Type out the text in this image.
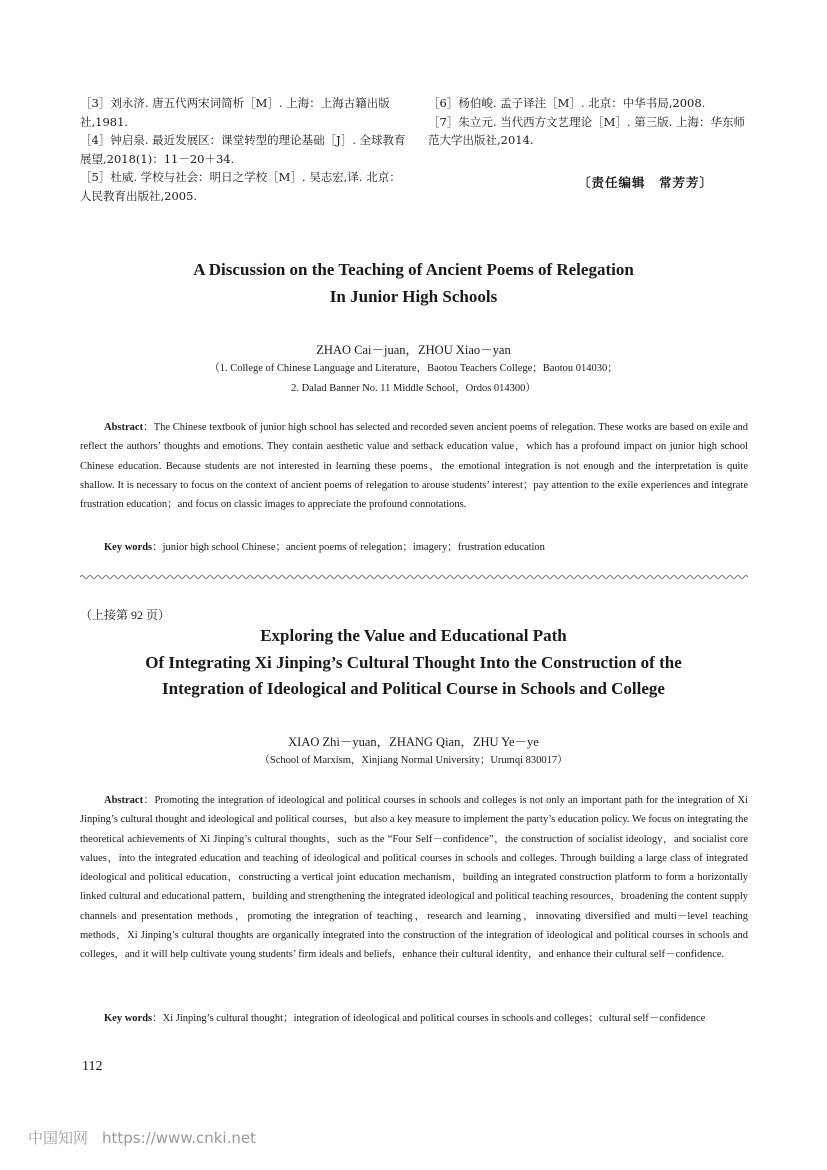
［3］刘永济. 唐五代两宋词简析［M］. 上海：上海古籍出版社,1981.
［4］钟启泉. 最近发展区：课堂转型的理论基础［J］. 全球教育展望,2018(1)：11－20＋34.
［5］杜威. 学校与社会：明日之学校［M］. 吴志宏,译. 北京：人民教育出版社,2005.
［6］杨伯峻. 孟子译注［M］. 北京：中华书局,2008.
［7］朱立元. 当代西方文艺理论［M］. 第三版. 上海：华东师范大学出版社,2014.
〔责任编辑　常芳芳〕
A Discussion on the Teaching of Ancient Poems of Relegation
In Junior High Schools
ZHAO Cai－juan，ZHOU Xiao－yan
（1. College of Chinese Language and Literature，Baotou Teachers College；Baotou 014030；
2. Dalad Banner No. 11 Middle School，Ordos 014300）
Abstract：The Chinese textbook of junior high school has selected and recorded seven ancient poems of relegation. These works are based on exile and reflect the authors’ thoughts and emotions. They contain aesthetic value and setback education value，which has a profound impact on junior high school Chinese education. Because students are not interested in learning these poems，the emotional integration is not enough and the interpretation is quite shallow. It is necessary to focus on the context of ancient poems of relegation to arouse students’ interest；pay attention to the exile experiences and integrate frustration education；and focus on classic images to appreciate the profound connotations.
Key words：junior high school Chinese；ancient poems of relegation；imagery；frustration education
（上接第 92 页）
Exploring the Value and Educational Path
Of Integrating Xi Jinping’s Cultural Thought Into the Construction of the
Integration of Ideological and Political Course in Schools and College
XIAO Zhi－yuan，ZHANG Qian，ZHU Ye－ye
（School of Marxism，Xinjiang Normal University；Urumqi 830017）
Abstract：Promoting the integration of ideological and political courses in schools and colleges is not only an important path for the integration of Xi Jinping’s cultural thought and ideological and political courses，but also a key measure to implement the party’s education policy. We focus on integrating the theoretical achievements of Xi Jinping’s cultural thoughts，such as the “Four Self－confidence”，the construction of socialist ideology，and socialist core values，into the integrated education and teaching of ideological and political courses in schools and colleges. Through building a large class of integrated ideological and political education，constructing a vertical joint education mechanism，building an integrated construction platform to form a horizontally linked cultural and educational pattern，building and strengthening the integrated ideological and political teaching resources，broadening the content supply channels and presentation methods，promoting the integration of teaching，research and learning，innovating diversified and multi－level teaching methods，Xi Jinping’s cultural thoughts are organically integrated into the construction of the integration of ideological and political courses in schools and colleges，and it will help cultivate young students’ firm ideals and beliefs，enhance their cultural identity，and enhance their cultural self－confidence.
Key words：Xi Jinping’s cultural thought；integration of ideological and political courses in schools and colleges；cultural self－confidence
112
中国知网 https://www.cnki.net
